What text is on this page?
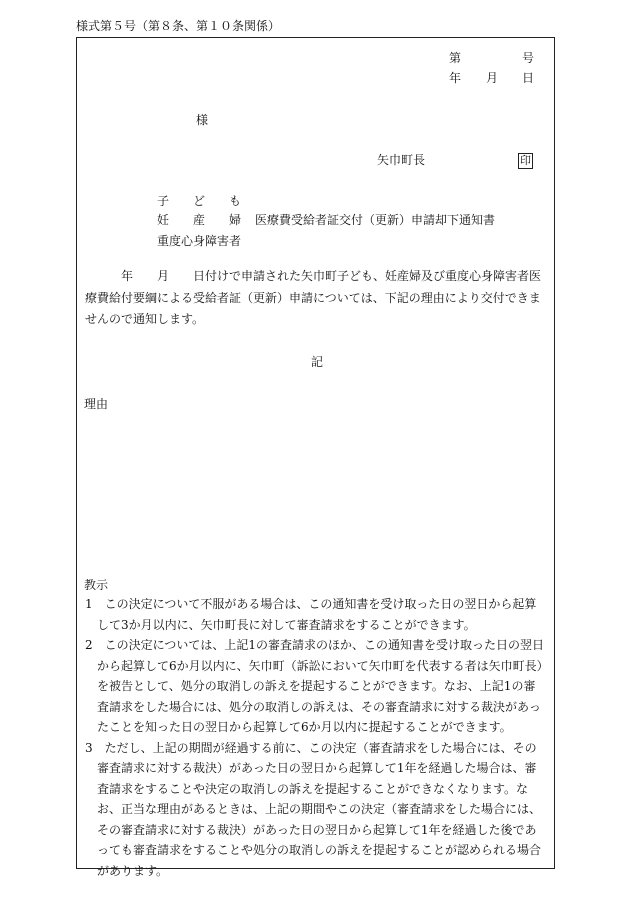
様式第５号（第８条、第１０条関係）
第	号
年 月 日
様
矢巾町長	印
子　　ど　　も
妊　　産　　婦 医療費受給者証交付（更新）申請却下通知書
重度心身障害者

年　　月　　日付けで申請された矢巾町子ども、妊産婦及び重度心身障害者医療費給付要綱による受給者証（更新）申請については、下記の理由により交付できませんので通知します。

記
理由
教示

1　この決定について不服がある場合は、この通知書を受け取った日の翌日から起算して3か月以内に、矢巾町長に対して審査請求をすることができます。

2　この決定については、上記1の審査請求のほか、この通知書を受け取った日の翌日から起算して6か月以内に、矢巾町（訴訟において矢巾町を代表する者は矢巾町長）を被告として、処分の取消しの訴えを提起することができます。なお、上記1の審査請求をした場合には、処分の取消しの訴えは、その審査請求に対する裁決があったことを知った日の翌日から起算して6か月以内に提起することができます。

3　ただし、上記の期間が経過する前に、この決定（審査請求をした場合には、その審査請求に対する裁決）があった日の翌日から起算して1年を経過した場合は、審査請求をすることや決定の取消しの訴えを提起することができなくなります。なお、正当な理由があるときは、上記の期間やこの決定（審査請求をした場合には、その審査請求に対する裁決）があった日の翌日から起算して1年を経過した後であっても審査請求をすることや処分の取消しの訴えを提起することが認められる場合があります。
